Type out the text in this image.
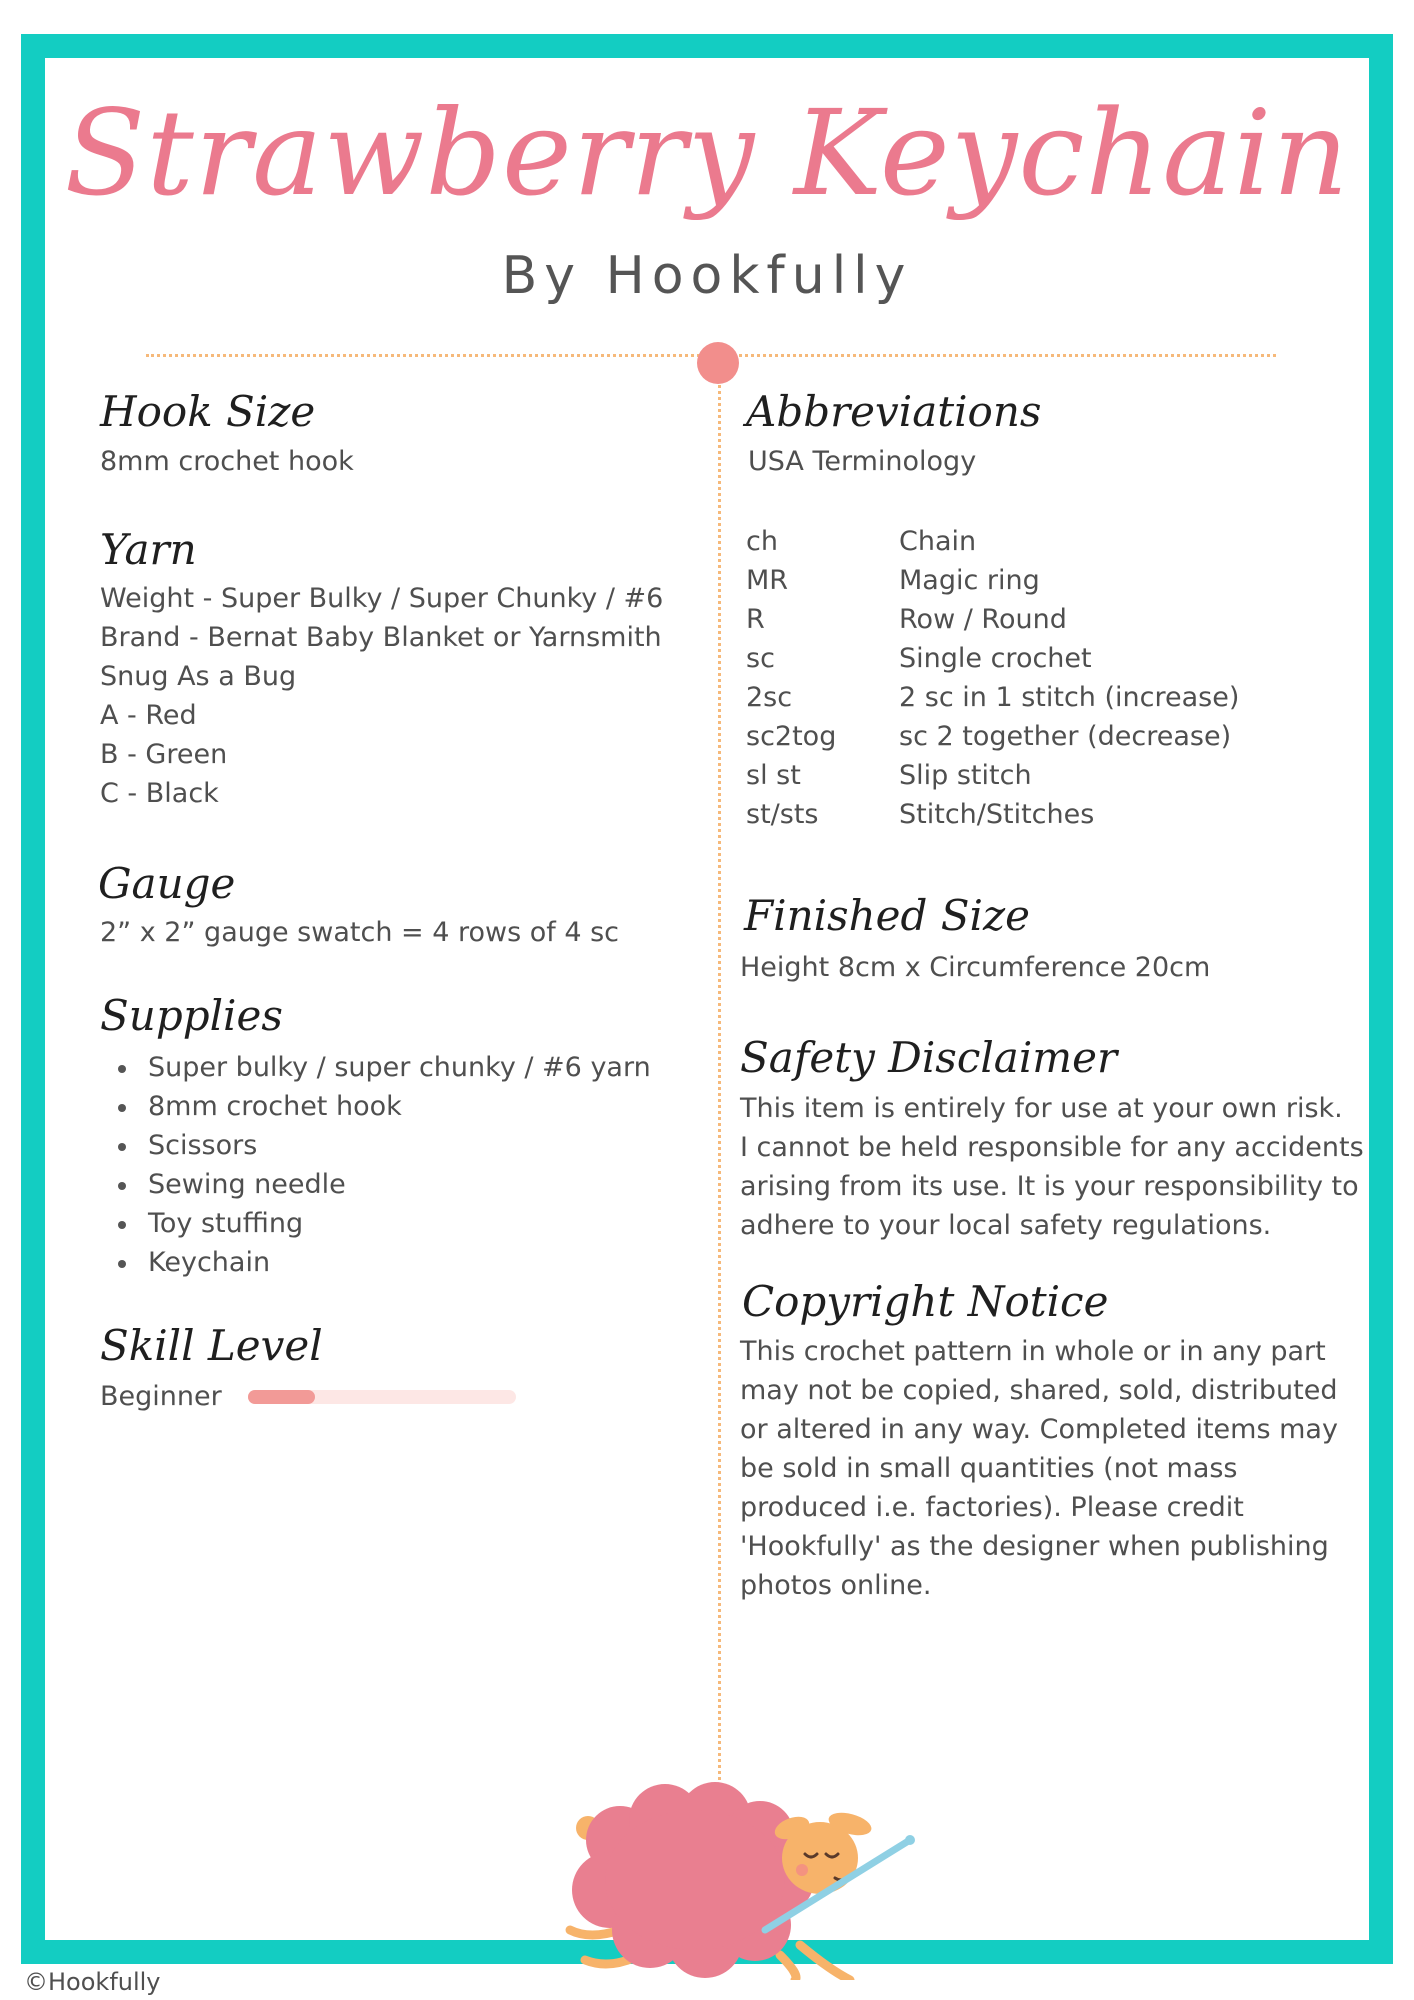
Strawberry Keychain
By Hookfully
Hook Size
8mm crochet hook
Yarn
Weight - Super Bulky / Super Chunky / #6
Brand - Bernat Baby Blanket or Yarnsmith
Snug As a Bug
A - Red
B - Green
C - Black
Gauge
2” x 2” gauge swatch = 4 rows of 4 sc
Supplies
Super bulky / super chunky / #6 yarn
8mm crochet hook
Scissors
Sewing needle
Toy stuffing
Keychain
Skill Level
Beginner
Abbreviations
USA Terminology
ch	Chain
MR	Magic ring
R	Row / Round
sc	Single crochet
2sc	2 sc in 1 stitch (increase)
sc2tog sc 2 together (decrease)
sl st	Slip stitch
st/sts	Stitch/Stitches
Finished Size
Height 8cm x Circumference 20cm
Safety Disclaimer
This item is entirely for use at your own risk.
I cannot be held responsible for any accidents
arising from its use. It is your responsibility to
adhere to your local safety regulations.
Copyright Notice
This crochet pattern in whole or in any part
may not be copied, shared, sold, distributed
or altered in any way. Completed items may
be sold in small quantities (not mass
produced i.e. factories). Please credit
'Hookfully' as the designer when publishing
photos online.
©Hookfully
